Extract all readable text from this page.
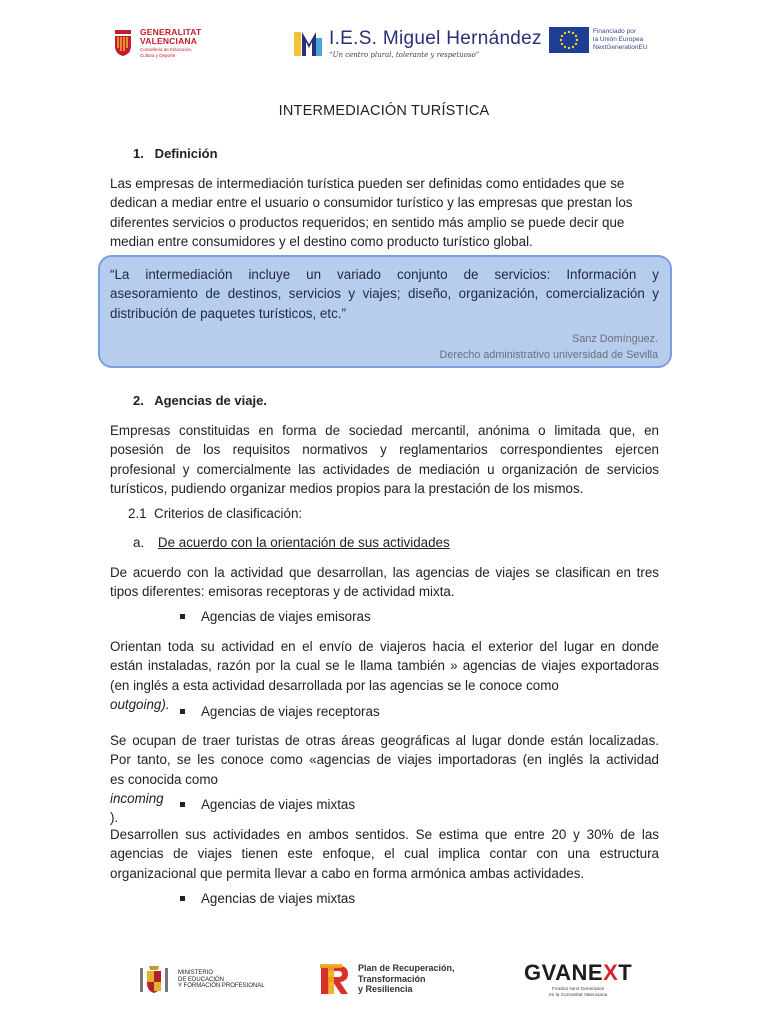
GENERALITAT
VALENCIANA
Conselleria de Educación, Cultura y Deporte
I.E.S. Miguel Hernández
“Un centro plural, tolerante y respetuoso”
Financiado por
la Unión Europea
NextGenerationEU
INTERMEDIACIÓN TURÍSTICA
1.   Definición
Las empresas de intermediación turística pueden ser definidas como entidades que se
dedican a mediar entre el usuario o consumidor turístico y las empresas que prestan los
diferentes servicios o productos requeridos; en sentido más amplio se puede decir que
median entre consumidores y el destino como producto turístico global.
“La intermediación incluye un variado conjunto de servicios: Información y
asesoramiento de destinos, servicios y viajes; diseño, organización, comercialización y
distribución de paquetes turísticos, etc.”
Sanz Domínguez.
Derecho administrativo universidad de Sevilla
2.   Agencias de viaje.
Empresas constituidas en forma de sociedad mercantil, anónima o limitada que, en
posesión de los requisitos normativos y reglamentarios correspondientes ejercen
profesional y comercialmente las actividades de mediación u organización de servicios
turísticos, pudiendo organizar medios propios para la prestación de los mismos.
2.1  Criterios de clasificación:
a. De acuerdo con la orientación de sus actividades
De acuerdo con la actividad que desarrollan, las agencias de viajes se clasifican en tres
tipos diferentes: emisoras receptoras y de actividad mixta.
Agencias de viajes emisoras
Orientan toda su actividad en el envío de viajeros hacia el exterior del lugar en donde
están instaladas, razón por la cual se le llama también » agencias de viajes exportadoras
(en inglés a esta actividad desarrollada por las agencias se le conoce como
outgoing).	Agencias de viajes receptoras
Se ocupan de traer turistas de otras áreas geográficas al lugar donde están localizadas.
Por tanto, se les conoce como «agencias de viajes importadoras (en inglés la actividad
es conocida como
incoming
).
Agencias de viajes mixtas
Desarrollen sus actividades en ambos sentidos. Se estima que entre 20 y 30% de las
agencias de viajes tienen este enfoque, el cual implica contar con una estructura
organizacional que permita llevar a cabo en forma armónica ambas actividades.
Agencias de viajes mixtas
MINISTERIO
DE EDUCACIÓN
Y FORMACIÓN PROFESIONAL
Plan de Recuperación,
Transformación
y Resiliencia
GVANEXT
Fondos Next Generation
en la Comunitat Valenciana
